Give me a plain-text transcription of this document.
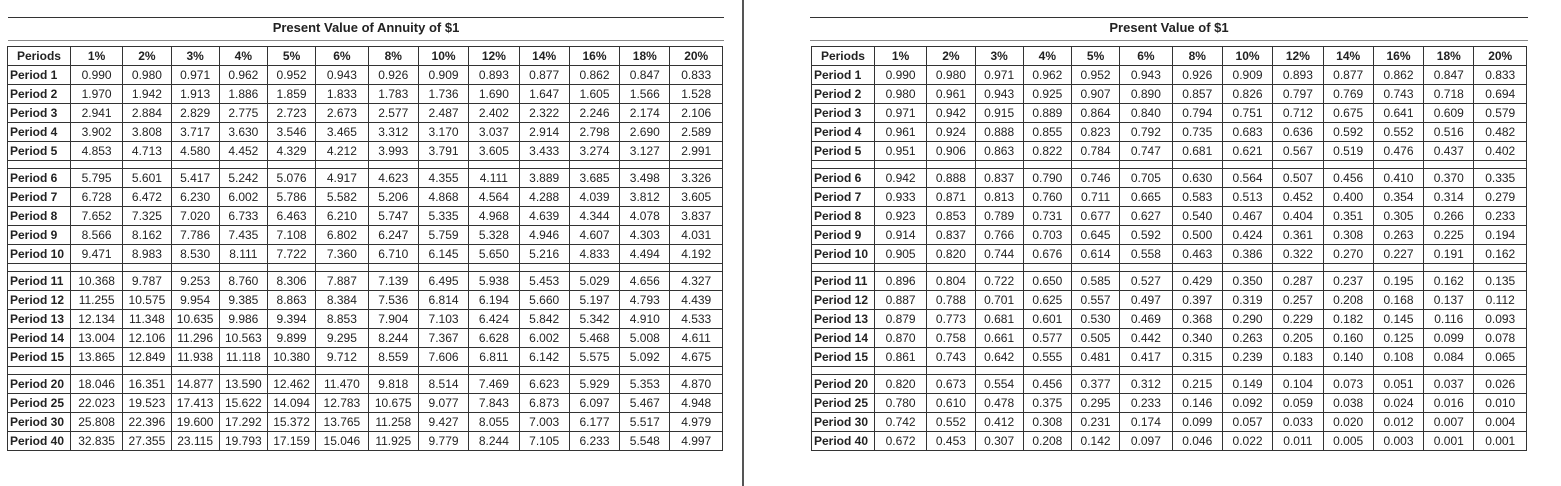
Present Value of Annuity of $1
Periods	1%	2%	3%	4%	5%	6%	8%	10%	12%	14%	16%	18%	20%
Period 1	0.990	0.980	0.971	0.962	0.952	0.943	0.926	0.909	0.893	0.877	0.862	0.847	0.833
Period 2	1.970	1.942	1.913	1.886	1.859	1.833	1.783	1.736	1.690	1.647	1.605	1.566	1.528
Period 3	2.941	2.884	2.829	2.775	2.723	2.673	2.577	2.487	2.402	2.322	2.246	2.174	2.106
Period 4	3.902	3.808	3.717	3.630	3.546	3.465	3.312	3.170	3.037	2.914	2.798	2.690	2.589
Period 5	4.853	4.713	4.580	4.452	4.329	4.212	3.993	3.791	3.605	3.433	3.274	3.127	2.991

Period 6	5.795	5.601	5.417	5.242	5.076	4.917	4.623	4.355	4.111	3.889	3.685	3.498	3.326
Period 7	6.728	6.472	6.230	6.002	5.786	5.582	5.206	4.868	4.564	4.288	4.039	3.812	3.605
Period 8	7.652	7.325	7.020	6.733	6.463	6.210	5.747	5.335	4.968	4.639	4.344	4.078	3.837
Period 9	8.566	8.162	7.786	7.435	7.108	6.802	6.247	5.759	5.328	4.946	4.607	4.303	4.031
Period 10	9.471	8.983	8.530	8.111	7.722	7.360	6.710	6.145	5.650	5.216	4.833	4.494	4.192

Period 11	10.368	9.787	9.253	8.760	8.306	7.887	7.139	6.495	5.938	5.453	5.029	4.656	4.327
Period 12	11.255	10.575	9.954	9.385	8.863	8.384	7.536	6.814	6.194	5.660	5.197	4.793	4.439
Period 13	12.134	11.348	10.635	9.986	9.394	8.853	7.904	7.103	6.424	5.842	5.342	4.910	4.533
Period 14	13.004	12.106	11.296	10.563	9.899	9.295	8.244	7.367	6.628	6.002	5.468	5.008	4.611
Period 15	13.865	12.849	11.938	11.118	10.380	9.712	8.559	7.606	6.811	6.142	5.575	5.092	4.675

Period 20	18.046	16.351	14.877	13.590	12.462	11.470	9.818	8.514	7.469	6.623	5.929	5.353	4.870
Period 25	22.023	19.523	17.413	15.622	14.094	12.783	10.675	9.077	7.843	6.873	6.097	5.467	4.948
Period 30	25.808	22.396	19.600	17.292	15.372	13.765	11.258	9.427	8.055	7.003	6.177	5.517	4.979
Period 40	32.835	27.355	23.115	19.793	17.159	15.046	11.925	9.779	8.244	7.105	6.233	5.548	4.997
Present Value of $1
Periods	1%	2%	3%	4%	5%	6%	8%	10%	12%	14%	16%	18%	20%
Period 1	0.990	0.980	0.971	0.962	0.952	0.943	0.926	0.909	0.893	0.877	0.862	0.847	0.833
Period 2	0.980	0.961	0.943	0.925	0.907	0.890	0.857	0.826	0.797	0.769	0.743	0.718	0.694
Period 3	0.971	0.942	0.915	0.889	0.864	0.840	0.794	0.751	0.712	0.675	0.641	0.609	0.579
Period 4	0.961	0.924	0.888	0.855	0.823	0.792	0.735	0.683	0.636	0.592	0.552	0.516	0.482
Period 5	0.951	0.906	0.863	0.822	0.784	0.747	0.681	0.621	0.567	0.519	0.476	0.437	0.402

Period 6	0.942	0.888	0.837	0.790	0.746	0.705	0.630	0.564	0.507	0.456	0.410	0.370	0.335
Period 7	0.933	0.871	0.813	0.760	0.711	0.665	0.583	0.513	0.452	0.400	0.354	0.314	0.279
Period 8	0.923	0.853	0.789	0.731	0.677	0.627	0.540	0.467	0.404	0.351	0.305	0.266	0.233
Period 9	0.914	0.837	0.766	0.703	0.645	0.592	0.500	0.424	0.361	0.308	0.263	0.225	0.194
Period 10	0.905	0.820	0.744	0.676	0.614	0.558	0.463	0.386	0.322	0.270	0.227	0.191	0.162

Period 11	0.896	0.804	0.722	0.650	0.585	0.527	0.429	0.350	0.287	0.237	0.195	0.162	0.135
Period 12	0.887	0.788	0.701	0.625	0.557	0.497	0.397	0.319	0.257	0.208	0.168	0.137	0.112
Period 13	0.879	0.773	0.681	0.601	0.530	0.469	0.368	0.290	0.229	0.182	0.145	0.116	0.093
Period 14	0.870	0.758	0.661	0.577	0.505	0.442	0.340	0.263	0.205	0.160	0.125	0.099	0.078
Period 15	0.861	0.743	0.642	0.555	0.481	0.417	0.315	0.239	0.183	0.140	0.108	0.084	0.065

Period 20	0.820	0.673	0.554	0.456	0.377	0.312	0.215	0.149	0.104	0.073	0.051	0.037	0.026
Period 25	0.780	0.610	0.478	0.375	0.295	0.233	0.146	0.092	0.059	0.038	0.024	0.016	0.010
Period 30	0.742	0.552	0.412	0.308	0.231	0.174	0.099	0.057	0.033	0.020	0.012	0.007	0.004
Period 40	0.672	0.453	0.307	0.208	0.142	0.097	0.046	0.022	0.011	0.005	0.003	0.001	0.001
